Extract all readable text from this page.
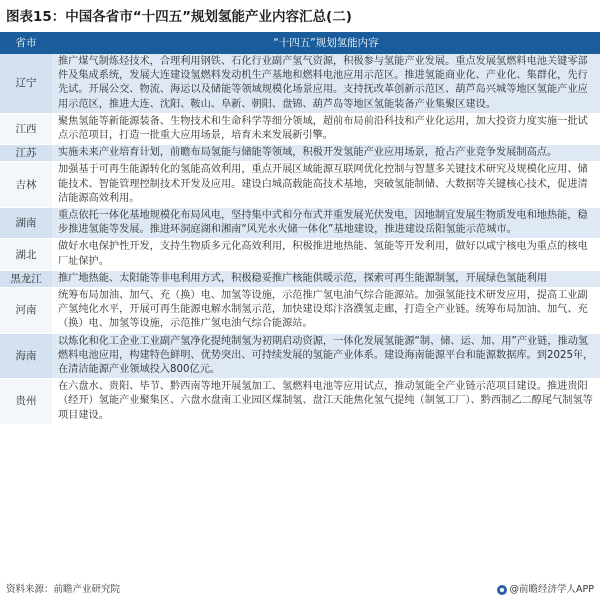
图表15：中国各省市“十四五”规划氢能产业内容汇总(二)
省市	“十四五”规划氢能内容
辽宁	推广煤气制炼烃技术，合理利用钢铁、石化行业副产氢气资源，积极参与氢能产业发展。重点发展氢燃料电池关键零部件及集成系统，发展大连建设氢燃料发动机生产基地和燃料电池应用示范区。推进氢能商业化、产业化、集群化，先行先试。开展公交、物流、海运以及储能等领域规模化场景应用。支持抚改革创新示范区、葫芦岛兴城等地区氢能产业应用示范区，推进大连、沈阳、鞍山、阜新、朝阳、盘锦、葫芦岛等地区氢能装备产业集聚区建设。
江西	聚焦氢能等新能源装备、生物技术和生命科学等细分领域，超前布局前沿科技和产业化运用，加大投资力度实施一批试点示范项目，打造一批重大应用场景，培育未来发展新引擎。
江苏	实施未来产业培育计划，前瞻布局氢能与储能等领域，积极开发氢能产业应用场景，抢占产业竞争发展制高点。
吉林	加强基于可再生能源转化的氢能高效利用，重点开展区域能源互联网优化控制与智慧多关键技术研究及规模化应用、储能技术、智能管理控制技术开发及应用。建设白城高载能高技术基地，突破氢能制储、大数据等关键核心技术，促进清洁能源高效利用。
湖南	重点依托一体化基地规模化布局风电，坚持集中式和分布式并重发展光伏发电，因地制宜发展生物质发电和地热能，稳步推进氢能等发展。推进环洞庭湖和湘南“风光水火储一体化”基地建设，推进建设岳阳氢能示范城市。
湖北	做好水电保护性开发，支持生物质多元化高效利用，积极推进地热能、氢能等开发利用，做好以咸宁核电为重点的核电厂址保护。
黑龙江	推广地热能、太阳能等非电利用方式，积极稳妥推广核能供暖示范，探索可再生能源制氢，开展绿色氢能利用
河南	统筹布局加油、加气、充（换）电、加氢等设施，示范推广氢电油气综合能源站。加强氢能技术研发应用，提高工业副产氢纯化水平，开展可再生能源电解水制氢示范，加快建设郑汴洛濮氢走廊，打造全产业链。统筹布局加油、加气、充（换）电、加氢等设施，示范推广氢电油气综合能源站。
海南	以炼化和化工企业工业副产氢净化提纯制氢为初期启动资源，一体化发展氢能源“制、储、运、加、用”产业链，推动氢燃料电池应用，构建特色鲜明、优势突出、可持续发展的氢能产业体系。建设海南能源平台和能源数据库。到2025年，在清洁能源产业领域投入800亿元。
贵州	在六盘水、贵阳、毕节、黔西南等地开展氢加工、氢燃料电池等应用试点，推动氢能全产业链示范项目建设。推进贵阳（经开）氢能产业聚集区、六盘水盘南工业园区煤制氢、盘江天能焦化氢气提纯（制氢工厂）、黔西制乙二醇尾气制氢等项目建设。
资料来源：前瞻产业研究院	@前瞻经济学人APP
